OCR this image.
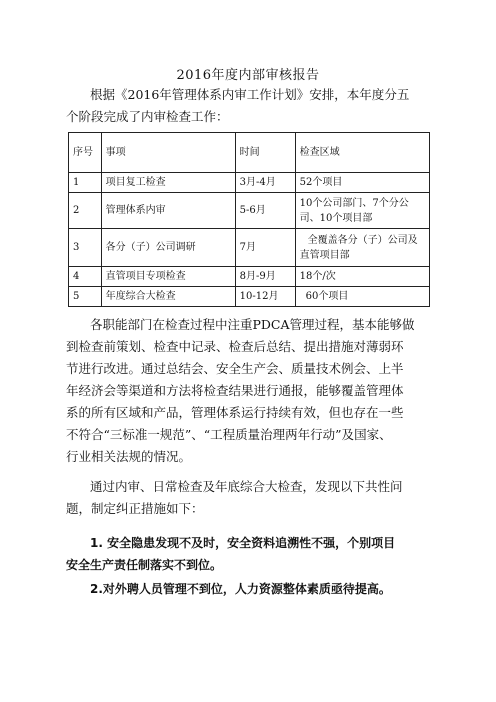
2016年度内部审核报告
根据《2016年管理体系内审工作计划》安排，本年度分五
个阶段完成了内审检查工作：
序号	事项	时间	检查区域
1	项目复工检查	3月-4月	52个项目
2	管理体系内审	5-6月	10个公司部门、7个分公
司、10个项目部

3	各分（子）公司调研	7月	全覆盖各分（子）公司及
直管项目部

4	直管项目专项检查	8月-9月	18个/次
5	年度综合大检查	10-12月	60个项目
各职能部门在检查过程中注重PDCA管理过程，基本能够做
到检查前策划、检查中记录、检查后总结、提出措施对薄弱环
节进行改进。通过总结会、安全生产会、质量技术例会、上半
年经济会等渠道和方法将检查结果进行通报，能够覆盖管理体
系的所有区域和产品，管理体系运行持续有效，但也存在一些
不符合“三标准一规范”、“工程质量治理两年行动”及国家、
行业相关法规的情况。
通过内审、日常检查及年底综合大检查，发现以下共性问
题，制定纠正措施如下：
1. 安全隐患发现不及时，安全资料追溯性不强，个别项目
安全生产责任制落实不到位。
2.对外聘人员管理不到位，人力资源整体素质亟待提高。
